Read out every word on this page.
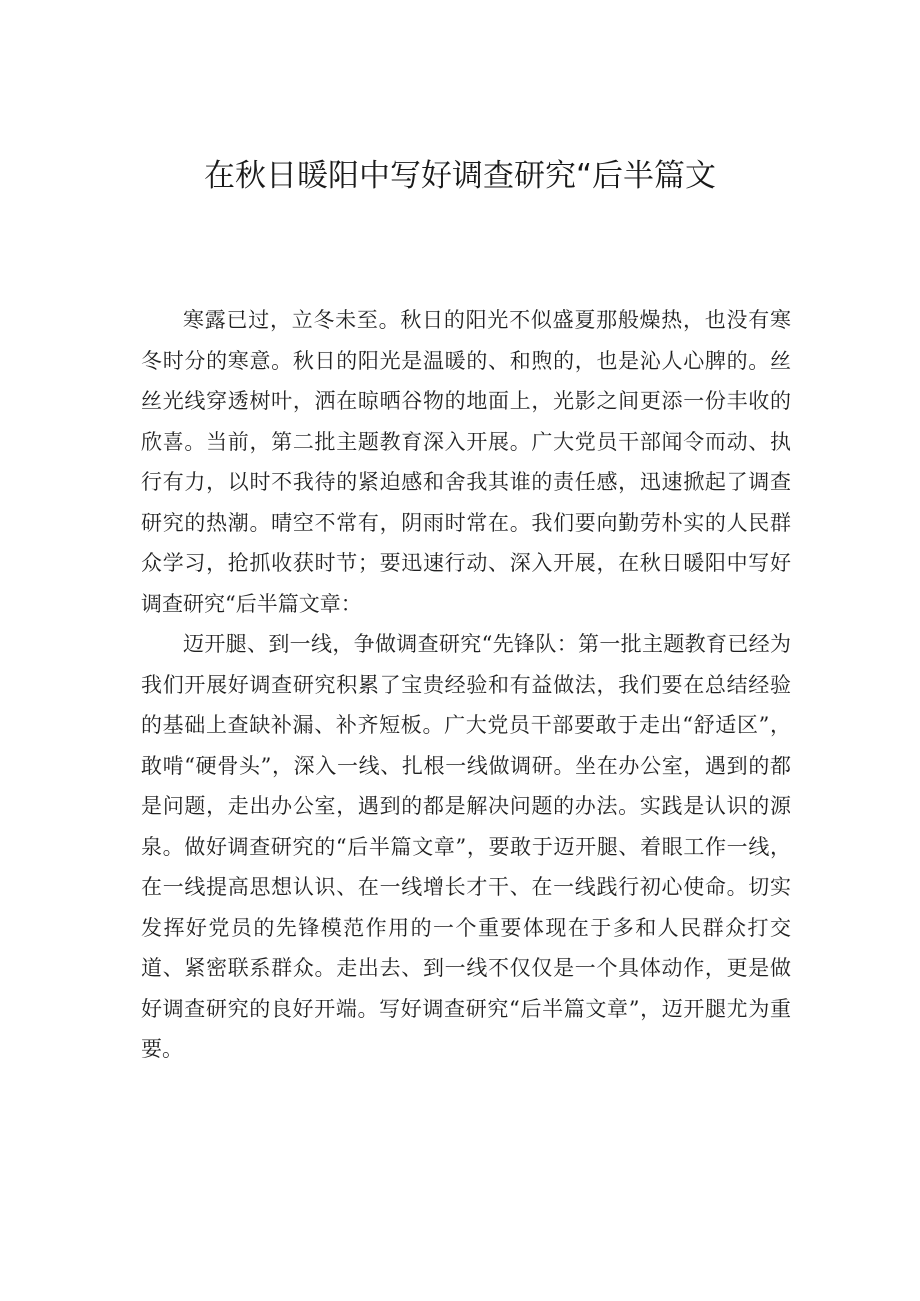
在秋日暖阳中写好调查研究“后半篇文

寒露已过，立冬未至。秋日的阳光不似盛夏那般燥热，也没有寒冬时分的寒意。秋日的阳光是温暖的、和煦的，也是沁人心脾的。丝丝光线穿透树叶，洒在晾晒谷物的地面上，光影之间更添一份丰收的欣喜。当前，第二批主题教育深入开展。广大党员干部闻令而动、执行有力，以时不我待的紧迫感和舍我其谁的责任感，迅速掀起了调查研究的热潮。晴空不常有，阴雨时常在。我们要向勤劳朴实的人民群众学习，抢抓收获时节；要迅速行动、深入开展，在秋日暖阳中写好调查研究“后半篇文章：

迈开腿、到一线，争做调查研究“先锋队：第一批主题教育已经为我们开展好调查研究积累了宝贵经验和有益做法，我们要在总结经验的基础上查缺补漏、补齐短板。广大党员干部要敢于走出“舒适区”，敢啃“硬骨头”，深入一线、扎根一线做调研。坐在办公室，遇到的都是问题，走出办公室，遇到的都是解决问题的办法。实践是认识的源泉。做好调查研究的“后半篇文章”，要敢于迈开腿、着眼工作一线，在一线提高思想认识、在一线增长才干、在一线践行初心使命。切实发挥好党员的先锋模范作用的一个重要体现在于多和人民群众打交道、紧密联系群众。走出去、到一线不仅仅是一个具体动作，更是做好调查研究的良好开端。写好调查研究“后半篇文章”，迈开腿尤为重要。
